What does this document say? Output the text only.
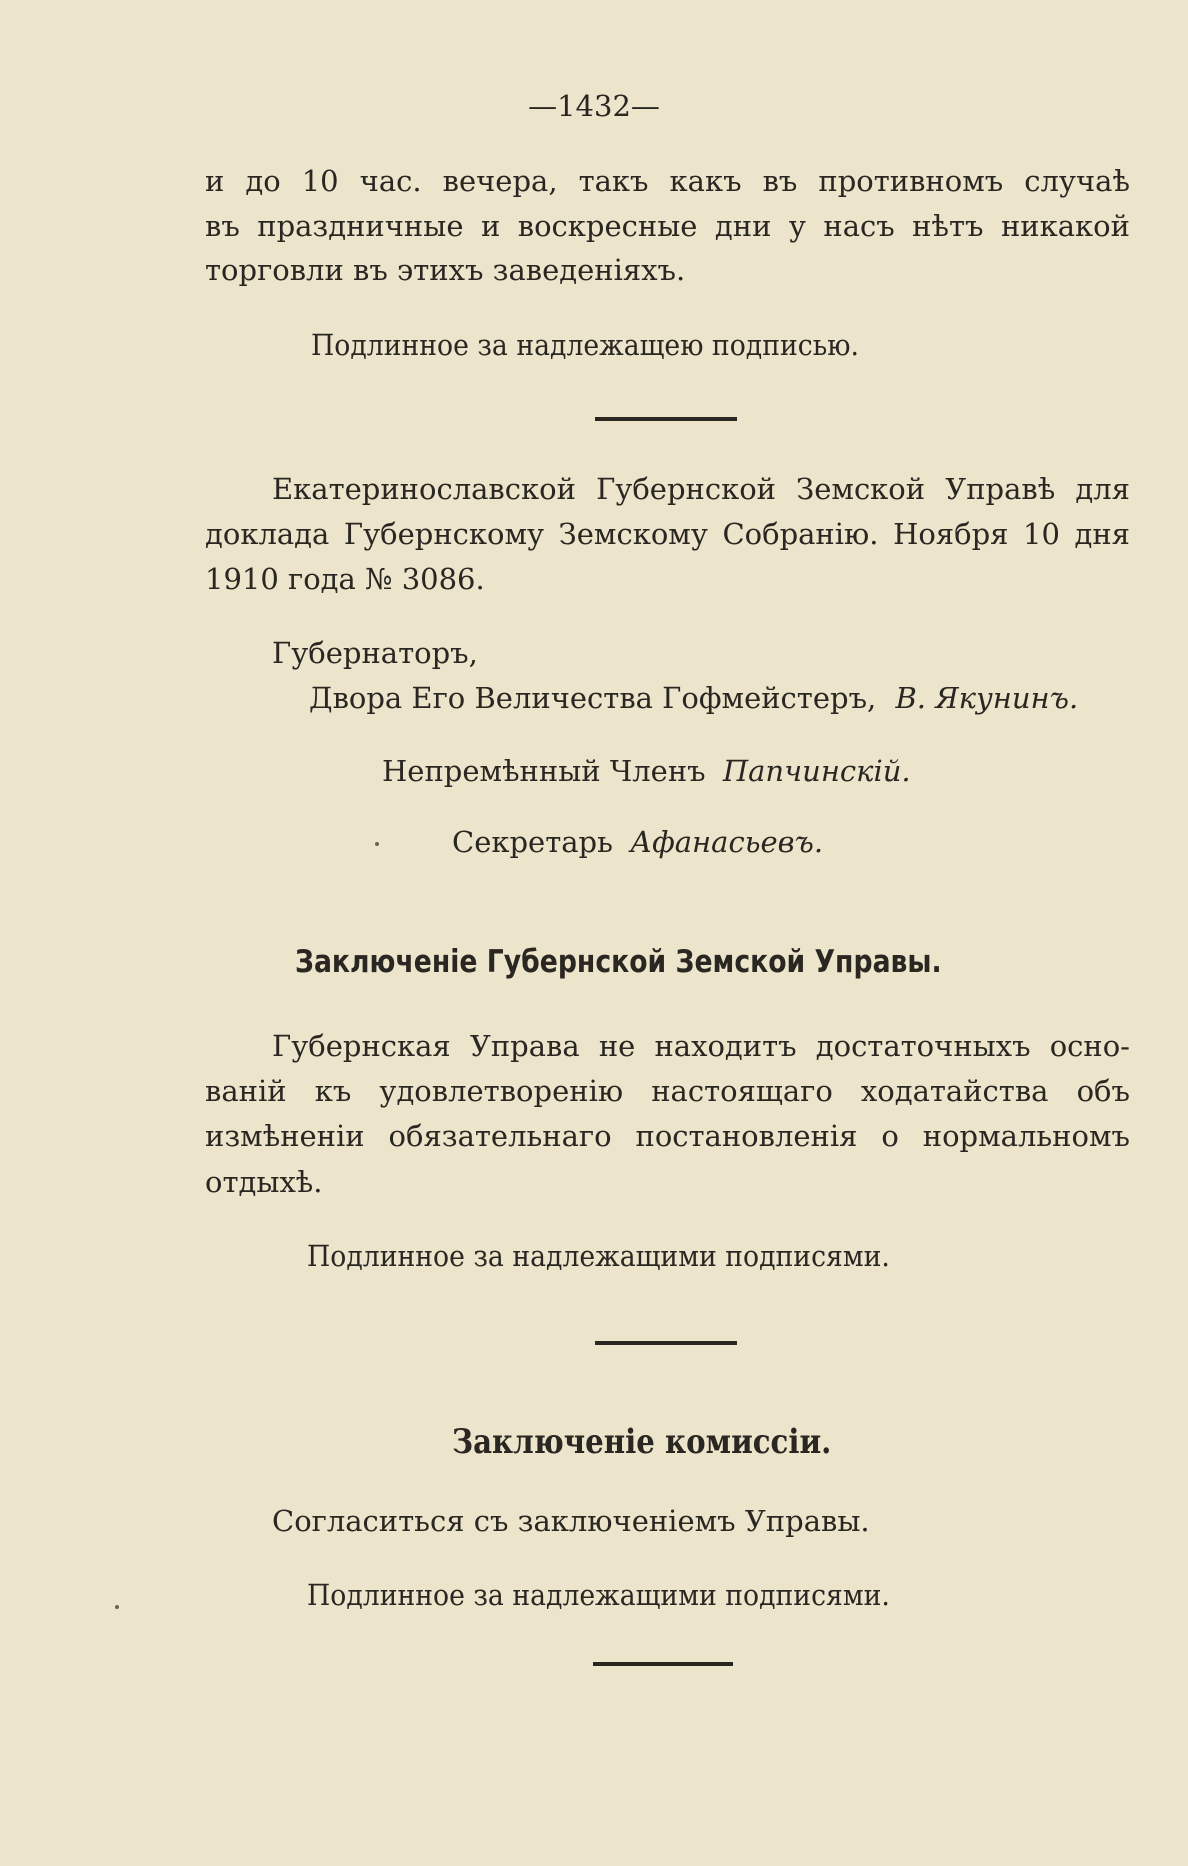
—1432—
и до 10 час. вечера, такъ какъ въ противномъ случаѣ
въ праздничные и воскресные дни у насъ нѣтъ никакой
торговли въ этихъ заведеніяхъ.
Подлинное за надлежащею подписью.
Екатеринославской Губернской Земской Управѣ для
доклада Губернскому Земскому Собранію. Ноября 10 дня
1910 года № 3086.
Губернаторъ,
Двора Его Величества Гофмейстеръ, В. Якунинъ.
Непремѣнный Членъ Папчинскій.
Секретарь Афанасьевъ.
Заключеніе Губернской Земской Управы.
Губернская Управа не находитъ достаточныхъ осно-
ваній къ удовлетворенію настоящаго ходатайства объ
измѣненіи обязательнаго постановленія о нормальномъ
отдыхѣ.
Подлинное за надлежащими подписями.
Заключеніе комиссіи.
Согласиться съ заключеніемъ Управы.
Подлинное за надлежащими подписями.
